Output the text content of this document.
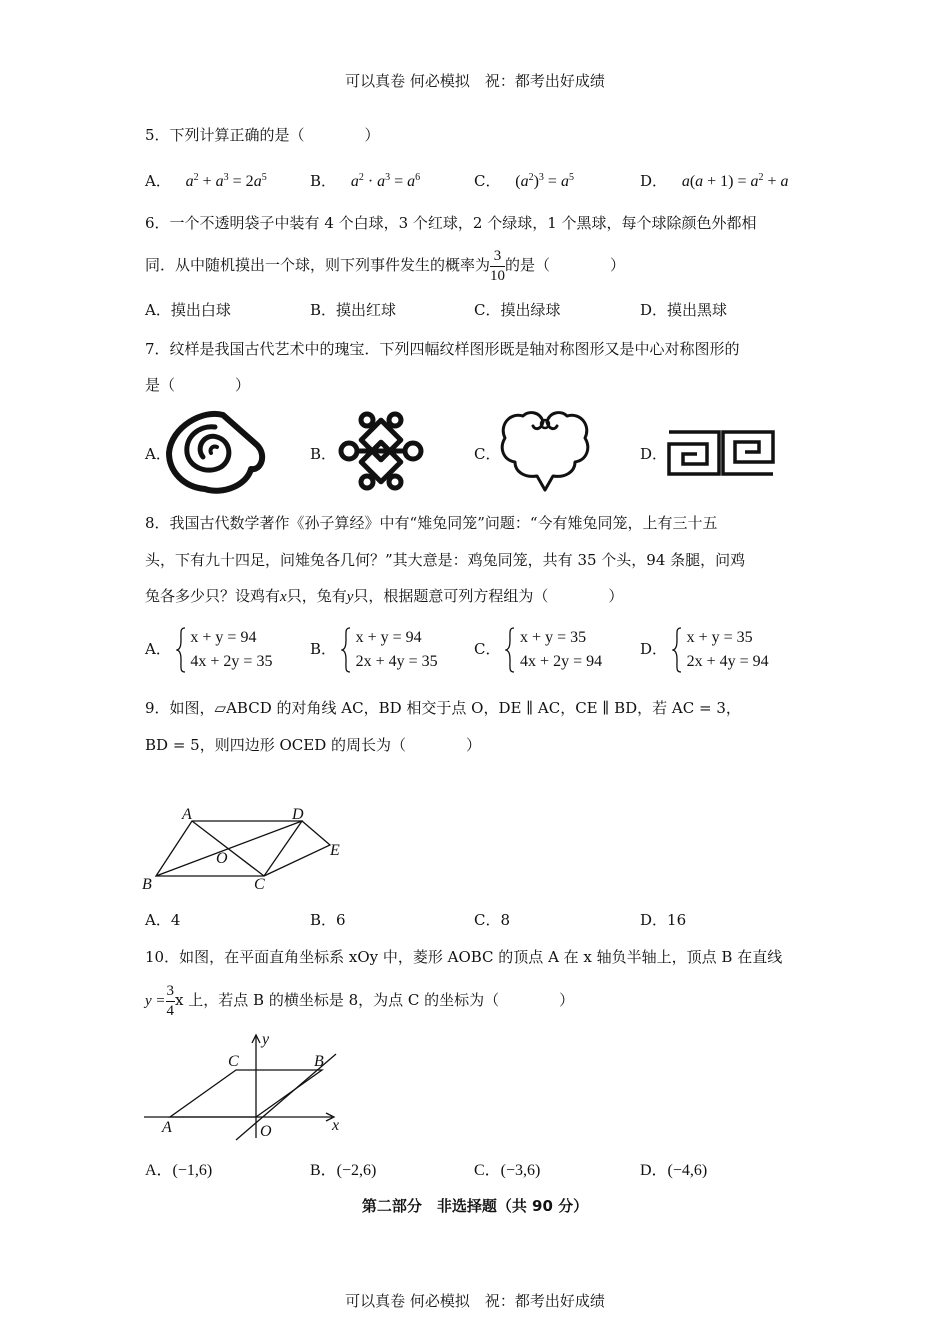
可以真卷 何必模拟　祝：都考出好成绩
5．下列计算正确的是（　　　　）
A． $a^2 + a^3 = 2a^5$	B． $a^2 \cdot a^3 = a^6$	C． $(a^2)^3 = a^5$	D． $a(a + 1) = a^2 + a$
6．一个不透明袋子中装有 4 个白球，3 个红球，2 个绿球，1 个黑球，每个球除颜色外都相
同．从中随机摸出一个球，则下列事件发生的概率为 $\frac{3}{10}$ 的是（　　　　）
A．摸出白球	B．摸出红球	C．摸出绿球	D．摸出黑球
7．纹样是我国古代艺术中的瑰宝．下列四幅纹样图形既是轴对称图形又是中心对称图形的
是（　　　　）
A．	B．	C．	D．
8．我国古代数学著作《孙子算经》中有“雉兔同笼”问题：“今有雉兔同笼，上有三十五
头，下有九十四足，问雉兔各几何？”其大意是：鸡兔同笼，共有 35 个头，94 条腿，问鸡
兔各多少只？设鸡有x只，兔有y只，根据题意可列方程组为（　　　　）
A．
x + y = 94
4x + 2y = 35
B．
x + y = 94
2x + 4y = 35
C．
x + y = 35
4x + 2y = 94
D．
x + y = 35
2x + 4y = 94
9．如图，▱ABCD 的对角线 AC，BD 相交于点 O，DE ∥ AC，CE ∥ BD，若 AC = 3，
BD = 5，则四边形 OCED 的周长为（　　　　）
A	D
O	E
B	C
A．4	B．6	C．8	D．16
10．如图，在平面直角坐标系 xOy 中，菱形 AOBC 的顶点 A 在 x 轴负半轴上，顶点 B 在直线
$y = \frac{3}{4}$ x 上，若点 B 的横坐标是 8，为点 C 的坐标为（　　　　）
y
C	B
A	O	x
A．(−1,6)	B．(−2,6)	C．(−3,6)	D．(−4,6)
第二部分　非选择题（共 90 分）
可以真卷 何必模拟　祝：都考出好成绩
